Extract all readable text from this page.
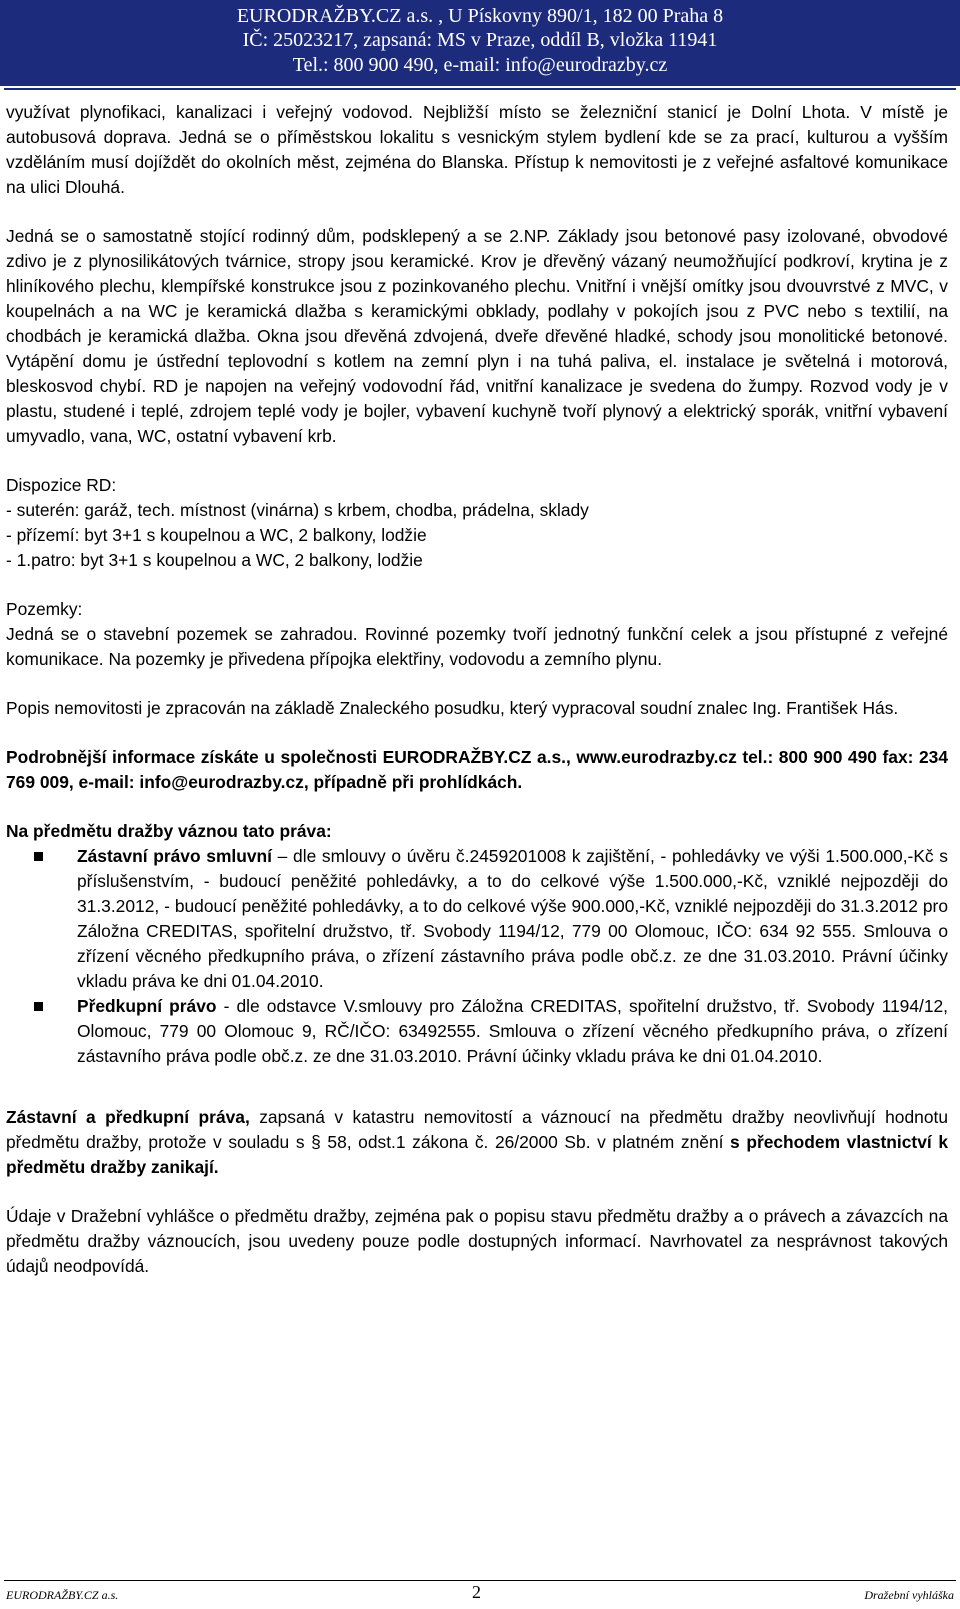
EURODRAŽBY.CZ a.s. , U Pískovny 890/1, 182 00 Praha 8
IČ: 25023217, zapsaná: MS v Praze, oddíl B, vložka 11941
Tel.: 800 900 490, e-mail: info@eurodrazby.cz

využívat plynofikaci, kanalizaci i veřejný vodovod. Nejbližší místo se železniční stanicí je Dolní Lhota. V místě je autobusová doprava. Jedná se o příměstskou lokalitu s vesnickým stylem bydlení kde se za prací, kulturou a vyšším vzděláním musí dojíždět do okolních měst, zejména do Blanska. Přístup k nemovitosti je z veřejné asfaltové komunikace na ulici Dlouhá.

Jedná se o samostatně stojící rodinný dům, podsklepený a se 2.NP. Základy jsou betonové pasy izolované, obvodové zdivo je z plynosilikátových tvárnice, stropy jsou keramické. Krov je dřevěný vázaný neumožňující podkroví, krytina je z hliníkového plechu, klempířské konstrukce jsou z pozinkovaného plechu. Vnitřní i vnější omítky jsou dvouvrstvé z MVC, v koupelnách a na WC je keramická dlažba s keramickými obklady, podlahy v pokojích jsou z PVC nebo s textilií, na chodbách je keramická dlažba. Okna jsou dřevěná zdvojená, dveře dřevěné hladké, schody jsou monolitické betonové. Vytápění domu je ústřední teplovodní s kotlem na zemní plyn i na tuhá paliva, el. instalace je světelná i motorová, bleskosvod chybí. RD je napojen na veřejný vodovodní řád, vnitřní kanalizace je svedena do žumpy. Rozvod vody je v plastu, studené i teplé, zdrojem teplé vody je bojler, vybavení kuchyně tvoří plynový a elektrický sporák, vnitřní vybavení umyvadlo, vana, WC, ostatní vybavení krb.

Dispozice RD:

- suterén: garáž, tech. místnost (vinárna) s krbem, chodba, prádelna, sklady

- přízemí: byt 3+1 s koupelnou a WC, 2 balkony, lodžie

- 1.patro: byt 3+1 s koupelnou a WC, 2 balkony, lodžie

Pozemky:

Jedná se o stavební pozemek se zahradou. Rovinné pozemky tvoří jednotný funkční celek a jsou přístupné z veřejné komunikace. Na pozemky je přivedena přípojka elektřiny, vodovodu a zemního plynu.

Popis nemovitosti je zpracován na základě Znaleckého posudku, který vypracoval soudní znalec Ing. František Hás.

Podrobnější informace získáte u společnosti EURODRAŽBY.CZ a.s., www.eurodrazby.cz tel.: 800 900 490 fax: 234 769 009, e-mail: info@eurodrazby.cz, případně při prohlídkách.

Na předmětu dražby váznou tato práva:

Zástavní právo smluvní – dle smlouvy o úvěru č.2459201008 k zajištění, - pohledávky ve výši 1.500.000,-Kč s příslušenstvím, - budoucí peněžité pohledávky, a to do celkové výše 1.500.000,-Kč, vzniklé nejpozději do 31.3.2012, - budoucí peněžité pohledávky, a to do celkové výše 900.000,-Kč, vzniklé nejpozději do 31.3.2012 pro Záložna CREDITAS, spořitelní družstvo, tř. Svobody 1194/12, 779 00 Olomouc, IČO: 634 92 555. Smlouva o zřízení věcného předkupního práva, o zřízení zástavního práva podle obč.z. ze dne 31.03.2010. Právní účinky vkladu práva ke dni 01.04.2010.
Předkupní právo - dle odstavce V.smlouvy pro Záložna CREDITAS, spořitelní družstvo, tř. Svobody 1194/12, Olomouc, 779 00 Olomouc 9, RČ/IČO: 63492555. Smlouva o zřízení věcného předkupního práva, o zřízení zástavního práva podle obč.z. ze dne 31.03.2010. Právní účinky vkladu práva ke dni 01.04.2010.

Zástavní a předkupní práva, zapsaná v katastru nemovitostí a váznoucí na předmětu dražby neovlivňují hodnotu předmětu dražby, protože v souladu s § 58, odst.1 zákona č. 26/2000 Sb. v platném znění s přechodem vlastnictví k předmětu dražby zanikají.

Údaje v Dražební vyhlášce o předmětu dražby, zejména pak o popisu stavu předmětu dražby a o právech a závazcích na předmětu dražby váznoucích, jsou uvedeny pouze podle dostupných informací. Navrhovatel za nesprávnost takových údajů neodpovídá.

EURODRAŽBY.CZ a.s.	2	Dražební vyhláška
